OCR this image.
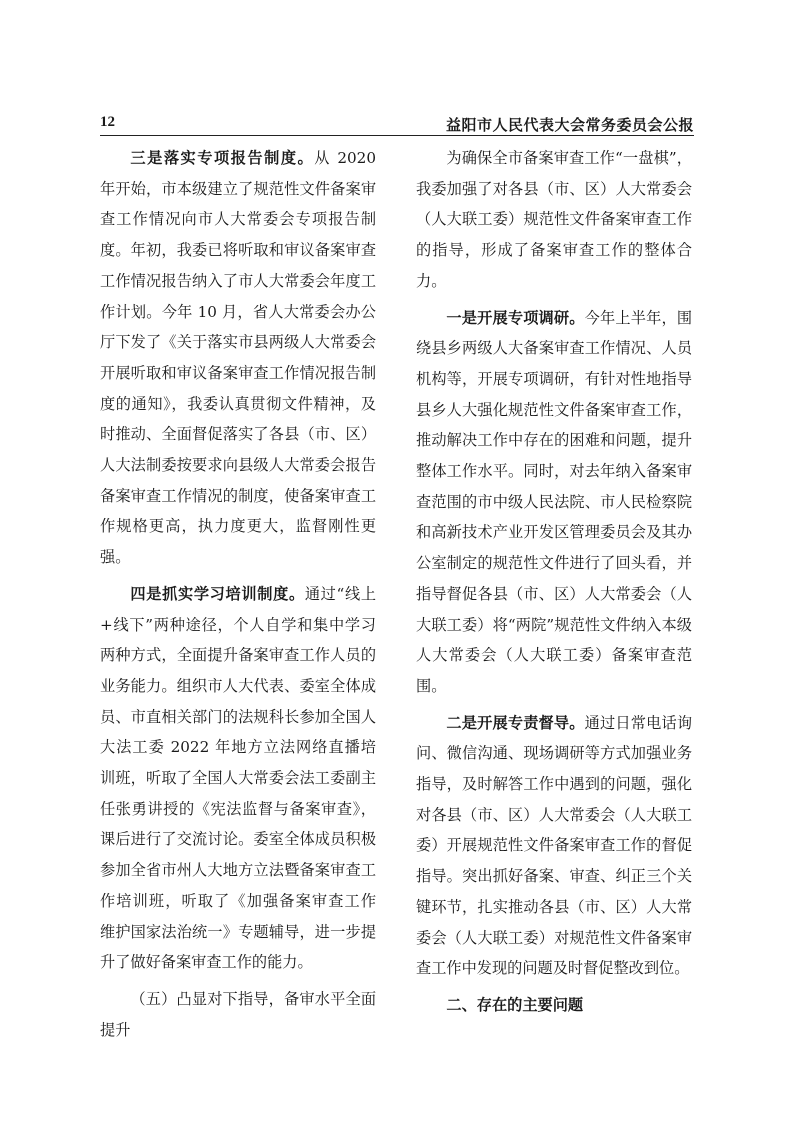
12	益阳市人民代表大会常务委员会公报

三是落实专项报告制度。从 2020 年开始，市本级建立了规范性文件备案审查工作情况向市人大常委会专项报告制度。年初，我委已将听取和审议备案审查工作情况报告纳入了市人大常委会年度工作计划。今年 10 月，省人大常委会办公厅下发了《关于落实市县两级人大常委会开展听取和审议备案审查工作情况报告制度的通知》，我委认真贯彻文件精神，及时推动、全面督促落实了各县（市、区）人大法制委按要求向县级人大常委会报告备案审查工作情况的制度，使备案审查工作规格更高，执力度更大，监督刚性更强。

四是抓实学习培训制度。通过“线上+线下”两种途径，个人自学和集中学习两种方式，全面提升备案审查工作人员的业务能力。组织市人大代表、委室全体成员、市直相关部门的法规科长参加全国人大法工委 2022 年地方立法网络直播培训班，听取了全国人大常委会法工委副主任张勇讲授的《宪法监督与备案审查》，课后进行了交流讨论。委室全体成员积极参加全省市州人大地方立法暨备案审查工作培训班，听取了《加强备案审查工作 维护国家法治统一》专题辅导，进一步提升了做好备案审查工作的能力。

（五）凸显对下指导，备审水平全面提升

为确保全市备案审查工作“一盘棋”，我委加强了对各县（市、区）人大常委会（人大联工委）规范性文件备案审查工作的指导，形成了备案审查工作的整体合力。

一是开展专项调研。今年上半年，围绕县乡两级人大备案审查工作情况、人员机构等，开展专项调研，有针对性地指导县乡人大强化规范性文件备案审查工作，推动解决工作中存在的困难和问题，提升整体工作水平。同时，对去年纳入备案审查范围的市中级人民法院、市人民检察院和高新技术产业开发区管理委员会及其办公室制定的规范性文件进行了回头看，并指导督促各县（市、区）人大常委会（人大联工委）将“两院”规范性文件纳入本级人大常委会（人大联工委）备案审查范围。

二是开展专责督导。通过日常电话询问、微信沟通、现场调研等方式加强业务指导，及时解答工作中遇到的问题，强化对各县（市、区）人大常委会（人大联工委）开展规范性文件备案审查工作的督促指导。突出抓好备案、审查、纠正三个关键环节，扎实推动各县（市、区）人大常委会（人大联工委）对规范性文件备案审查工作中发现的问题及时督促整改到位。

二、存在的主要问题
